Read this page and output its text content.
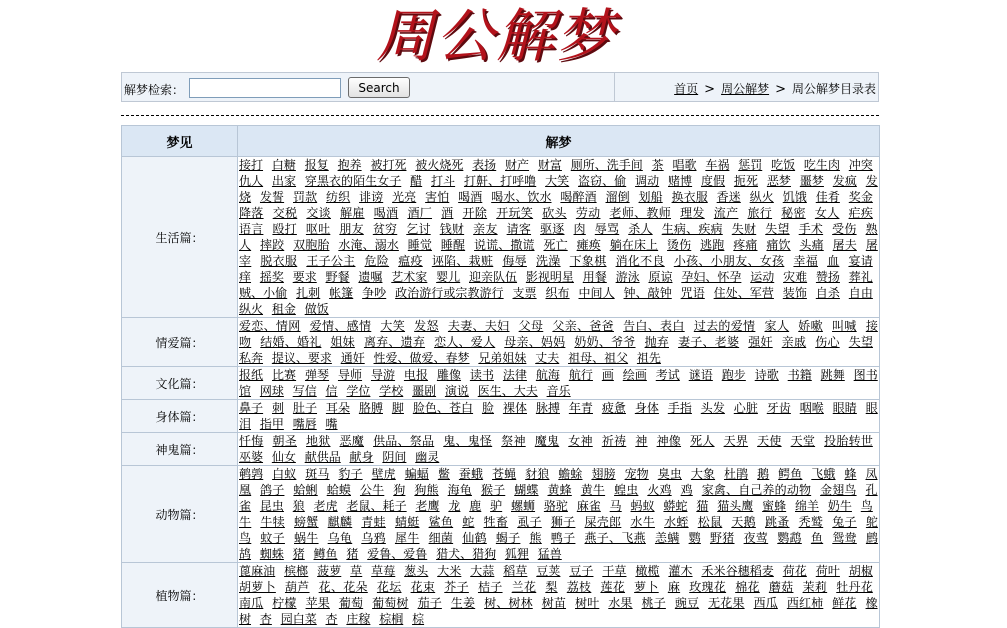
周公解梦
解梦检索：	Search	首页 > 周公解梦 > 周公解梦目录表
梦见	解梦
生活篇：	接打 白糖 报复 抱养 被打死 被火烧死 表扬 财产 财富 厕所、洗手间 茶 唱歌 车祸 惩罚 吃饭 吃生肉 冲突 仇人 出家 穿黑衣的陌生女子 醋 打斗 打鼾、打呼噜 大笑 盗窃、偷 调动 赌博 度假 扼死 恶梦 噩梦 发疯 发烧 发誓 罚款 纺织 诽谤 光亮 害怕 喝酒 喝水、饮水 喝醉酒 溜倒 划船 换衣服 香迷 纵火 饥饿 佳肴 奖金 降落 交税 交谈 解雇 喝酒 酒厂 酒 开除 开玩笑 砍头 劳动 老师、教师 理发 流产 旅行 秘密 女人 疟疾 语言 殴打 呕吐 朋友 贫穷 乞讨 钱财 亲友 请客 驱逐 肉 辱骂 杀人 生病、疾病 失财 失望 手术 受伤 熟人 摔跤 双胞胎 水淹、溺水 睡觉 睡醒 说谎、撒谎 死亡 瘫痪 躺在床上 烫伤 逃跑 疼痛 痛饮 头痛 屠夫 屠宰 脱衣服 王子公主 危险 瘟疫 诬陷、栽赃 侮辱 洗澡 下象棋 消化不良 小孩、小朋友、女孩 幸福 血 宴请 痒 摇奖 要求 野餐 遗嘱 艺术家 婴儿 迎亲队伍 影视明星 用餐 游泳 原谅 孕妇、怀孕 运动 灾难 赞扬 葬礼 贼、小偷 扎刺 帐篷 争吵 政治游行或宗教游行 支票 织布 中间人 钟、敲钟 咒语 住处、军营 装饰 自杀 自由 纵火 租金 做饭
情爱篇：	爱恋、情网 爱情、感情 大笑 发怒 夫妻、夫妇 父母 父亲、爸爸 告白、表白 过去的爱情 家人 娇嗽 叫喊 接吻 结婚、婚礼 姐妹 离弃、遗弃 恋人、爱人 母亲、妈妈 奶奶、爷爷 抛弃 妻子、老婆 强奸 亲戚 伤心 失望 私奔 提议、要求 通奸 性爱、做爱、春梦 兄弟姐妹 丈夫 祖母、祖父 祖先
文化篇：	报纸 比赛 弹琴 导师 导游 电报 雕像 读书 法律 航海 航行 画 绘画 考试 谜语 跑步 诗歌 书籍 跳舞 图书馆 网球 写信 信 学位 学校 噩剧 演说 医生、大夫 音乐
身体篇：	鼻子 刺 肚子 耳朵 胳膊 脚 脸色、苍白 脸 裸体 脉搏 年青 疲惫 身体 手指 头发 心脏 牙齿 咽喉 眼睛 眼泪 指甲 嘴唇 嘴
神鬼篇：	忏悔 朝圣 地狱 恶魔 供品、祭品 鬼、鬼怪 祭神 魔鬼 女神 祈祷 神 神像 死人 天界 天使 天堂 投胎转世 巫婆 仙女 献供品 献身 阴间 幽灵
动物篇：	鹌鹑 白蚁 斑马 豹子 壁虎 蝙蝠 鳖 蚕蛾 苍蝇 豺狼 蟾蜍 翅膀 宠物 臭虫 大象 杜鹃 鹅 鳄鱼 飞蛾 蜂 凤凰 鸽子 蛤蜊 蛤蟆 公牛 狗 狗熊 海龟 猴子 蝴蝶 黄蜂 黄牛 蝗虫 火鸡 鸡 家禽、自己养的动物 金翅鸟 孔雀 昆虫 狼 老虎 老鼠、耗子 老鹰 龙 鹿 驴 螺蛳 骆驼 麻雀 马 蚂蚁 蟒蛇 猫 猫头鹰 蜜蜂 绵羊 奶牛 鸟 牛 牛犊 螃蟹 麒麟 青蛙 蜻蜓 鲨鱼 蛇 牲畜 虱子 狮子 屎壳郎 水牛 水蛭 松鼠 天鹅 跳蚤 秃鹫 兔子 鸵鸟 蚊子 蜗牛 乌龟 乌鸦 犀牛 细菌 仙鹤 蝎子 熊 鸭子 燕子、飞燕 恙螨 鹦 野猪 夜莺 鹦鹉 鱼 鸳鸯 鹧鸪 蜘蛛 猪 鳟鱼 猪 爱鲁、爱鲁 猎犬、猎狗 狐狸 猛兽
植物篇：	蓖麻油 槟榔 菠萝 草 草莓 葱头 大米 大蒜 稻草 豆荚 豆子 干草 橄榄 灌木 禾米谷穗稻麦 荷花 荷叶 胡椒 胡萝卜 葫芦 花、花朵 花坛 花束 芥子 桔子 兰花 梨 荔枝 莲花 萝卜 麻 玫瑰花 棉花 蘑菇 茉莉 牡丹花 南瓜 柠檬 苹果 葡萄 葡萄树 茄子 生姜 树、树林 树苗 树叶 水果 桃子 豌豆 无花果 西瓜 西红柿 鲜花 橡树 杏 园白菜 杏 庄稼 棕榈 棕
